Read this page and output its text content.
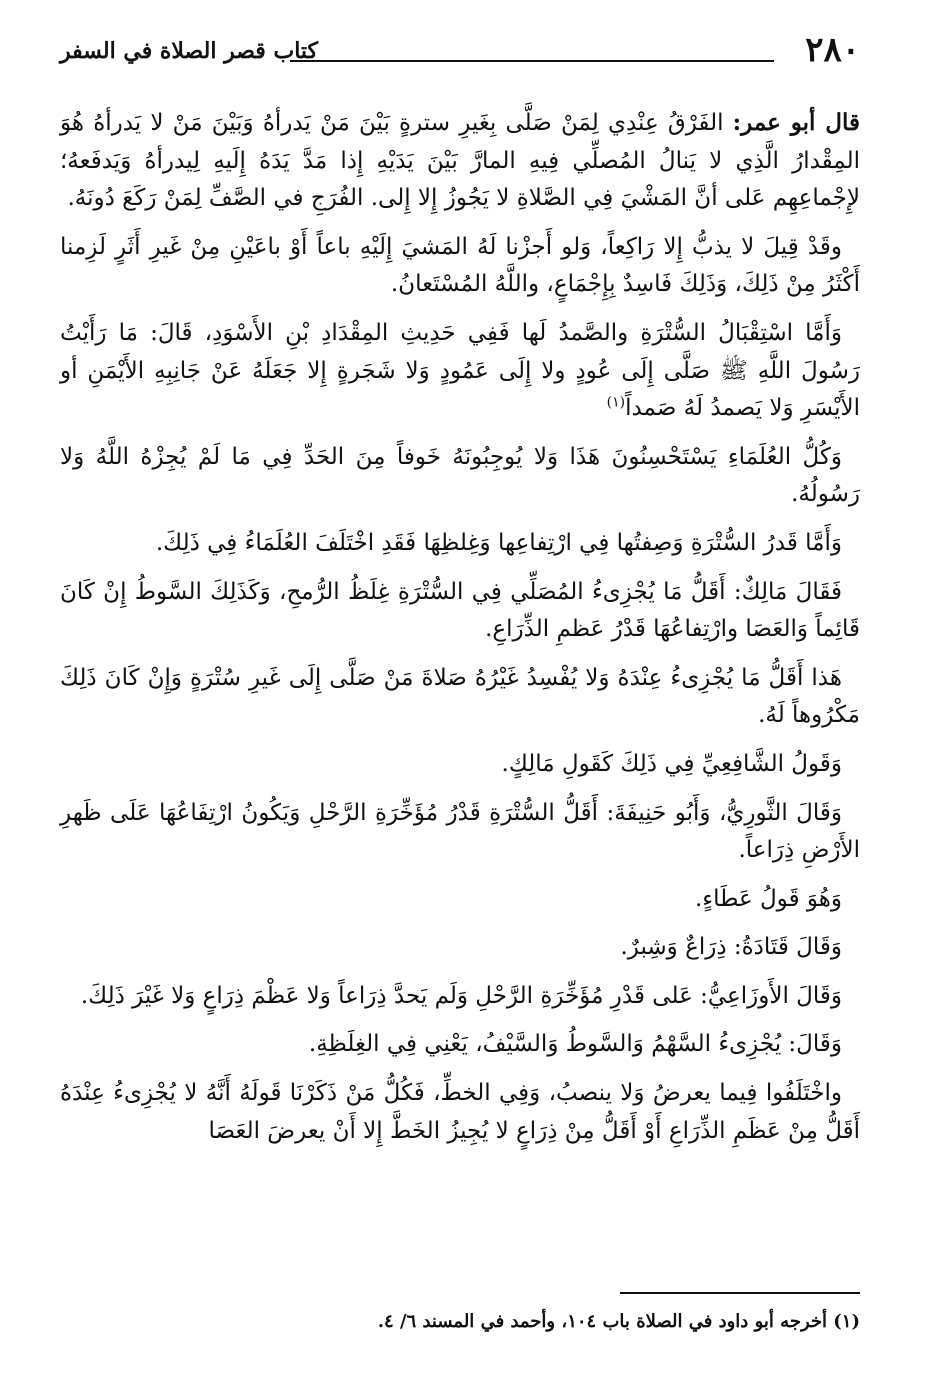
٢٨٠
كتاب قصر الصلاة في السفر

قال أبو عمر: الفَرْقُ عِنْدِي لِمَنْ صَلَّى بِغَيرِ سترةٍ بَيْنَ مَنْ يَدرأهُ وَبَيْنَ مَنْ لا يَدرأهُ هُوَ المِقْدارُ الَّذِي لا يَنالُ المُصلِّي فِيهِ المارَّ بَيْنَ يَدَيْهِ إِذا مَدَّ يَدَهُ إِلَيهِ لِيدرأهُ وَيَدفَعهُ؛ لإِجْماعِهِم عَلى أنَّ المَشْيَ فِي الصَّلاةِ لا يَجُوزُ إِلا إِلى. الفُرَجِ في الصَّفِّ لِمَنْ رَكَعَ دُونَهُ.

وقَدْ قِيلَ لا يذبُّ إِلا رَاكِعاً، وَلو أَجزْنا لَهُ المَشيَ إِلَيْهِ باعاً أَوْ باعَيْنِ مِنْ غَيرِ أَثَرٍ لَزِمنا أَكْثَرُ مِنْ ذَلِكَ، وَذَلِكَ فَاسِدٌ بِإِجْمَاعٍ، واللَّهُ المُسْتَعانُ.

وَأَمَّا اسْتِقْبَالُ السُّتْرَةِ والصَّمدُ لَها فَفِي حَدِيثِ المِقْدَادِ بْنِ الأَسْوَدِ، قَالَ: مَا رَأَيْتُ رَسُولَ اللَّهِ ﷺ صَلَّى إِلَى عُودٍ ولا إِلَى عَمُودٍ وَلا شَجَرةٍ إِلا جَعَلَهُ عَنْ جَانِبِهِ الأَيْمَنِ أو الأَيْسَرِ وَلا يَصمدُ لَهُ صَمداً$^{(١)}$

وَكُلُّ العُلَمَاءِ يَسْتَحْسِنُونَ هَذَا وَلا يُوجِبُونَهُ خَوفاً مِنَ الحَدِّ فِي مَا لَمْ يُجِزْهُ اللَّهُ وَلا رَسُولُهُ.

وَأَمَّا قَدرُ السُّتْرَةِ وَصِفتُها فِي ارْتِفاعِها وَغِلظِهَا فَقَدِ اخْتَلَفَ العُلَمَاءُ فِي ذَلِكَ.

فَقَالَ مَالِكٌ: أَقَلُّ مَا يُجْزِىءُ المُصَلِّي فِي السُّتْرَةِ غِلَظُ الرُّمحِ، وَكَذَلِكَ السَّوطُ إِنْ كَانَ قَائِماً وَالعَصَا وارْتِفاعُهَا قَدْرُ عَظمِ الذِّرَاعِ.

هَذا أَقَلُّ مَا يُجْزِىءُ عِنْدَهُ وَلا يُفْسِدُ غَيْرُهُ صَلاةَ مَنْ صَلَّى إِلَى غَيرِ سُتْرَةٍ وَإِنْ كَانَ ذَلِكَ مَكْرُوهاً لَهُ.

وَقَولُ الشَّافِعِيِّ فِي ذَلِكَ كَقَولِ مَالِكٍ.

وَقَالَ الثَّورِيُّ، وَأَبُو حَنِيفَةَ: أَقَلُّ السُّتْرَةِ قَدْرُ مُؤَخِّرَةِ الرَّحْلِ وَيَكُونُ ارْتِفَاعُهَا عَلَى ظَهرِ الأَرْضِ ذِرَاعاً.

وَهُوَ قَولُ عَطَاءٍ.

وَقَالَ قَتَادَةُ: ذِرَاعٌ وَشِبرٌ.

وَقَالَ الأَوزَاعِيُّ: عَلى قَدْرِ مُؤَخِّرَةِ الرَّحْلِ وَلَم يَحدَّ ذِرَاعاً وَلا عَظْمَ ذِرَاعٍ وَلا غَيْرَ ذَلِكَ.

وَقَالَ: يُجْزِىءُ السَّهْمُ وَالسَّوطُ وَالسَّيْفُ، يَعْنِي فِي الغِلَظِةِ.

واخْتَلَفُوا فِيما يعرضُ وَلا ينصبُ، وَفِي الخطِّ، فَكُلُّ مَنْ ذَكَرْنَا قَولَهُ أَنَّهُ لا يُجْزِىءُ عِنْدَهُ أَقَلُّ مِنْ عَظَمِ الذِّرَاعِ أَوْ أَقَلُّ مِنْ ذِرَاعٍ لا يُجِيزُ الخَطَّ إِلا أَنْ يعرضَ العَصَا

(١) أخرجه أبو داود في الصلاة باب ١٠٤، وأحمد في المسند ٦/ ٤.
